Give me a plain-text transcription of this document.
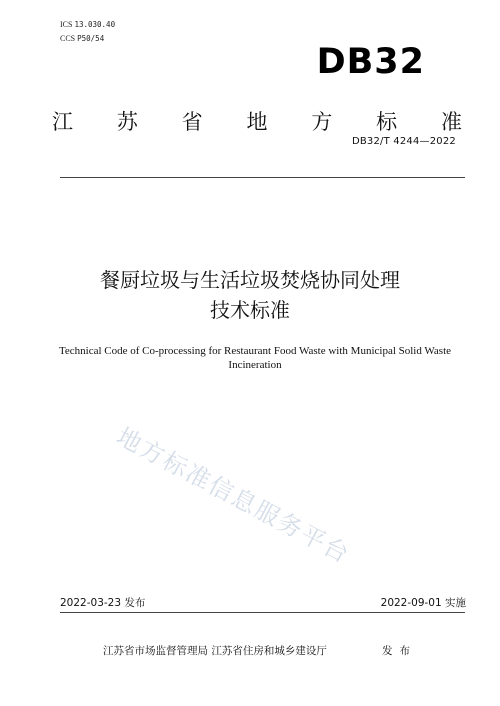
ICS 13.030.40
CCS P50/54
DB32
江 苏 省 地 方 标 准
DB32/T 4244—2022
餐厨垃圾与生活垃圾焚烧协同处理
技术标准
Technical Code of Co-processing for Restaurant Food Waste with Municipal Solid Waste Incineration
地方标准信息服务平台
2022-03-23 发布	2022-09-01 实施
江苏省市场监督管理局 江苏省住房和城乡建设厅	发布
